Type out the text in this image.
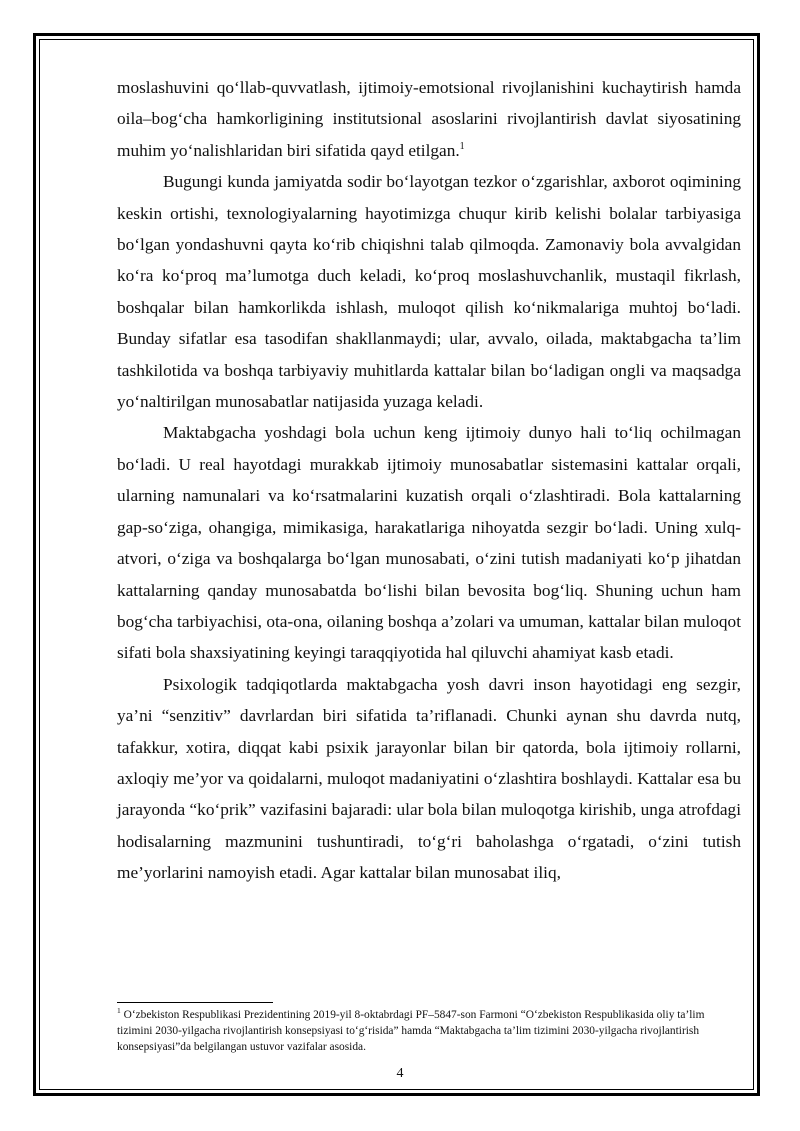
moslashuvini qo‘llab-quvvatlash, ijtimoiy-emotsional rivojlanishini kuchaytirish hamda oila–bog‘cha hamkorligining institutsional asoslarini rivojlantirish davlat siyosatining muhim yo‘nalishlaridan biri sifatida qayd etilgan.$^1$

Bugungi kunda jamiyatda sodir bo‘layotgan tezkor o‘zgarishlar, axborot oqimining keskin ortishi, texnologiyalarning hayotimizga chuqur kirib kelishi bolalar tarbiyasiga bo‘lgan yondashuvni qayta ko‘rib chiqishni talab qilmoqda. Zamonaviy bola avvalgidan ko‘ra ko‘proq ma’lumotga duch keladi, ko‘proq moslashuvchanlik, mustaqil fikrlash, boshqalar bilan hamkorlikda ishlash, muloqot qilish ko‘nikmalariga muhtoj bo‘ladi. Bunday sifatlar esa tasodifan shakllanmaydi; ular, avvalo, oilada, maktabgacha ta’lim tashkilotida va boshqa tarbiyaviy muhitlarda kattalar bilan bo‘ladigan ongli va maqsadga yo‘naltirilgan munosabatlar natijasida yuzaga keladi.

Maktabgacha yoshdagi bola uchun keng ijtimoiy dunyo hali to‘liq ochilmagan bo‘ladi. U real hayotdagi murakkab ijtimoiy munosabatlar sistemasini kattalar orqali, ularning namunalari va ko‘rsatmalarini kuzatish orqali o‘zlashtiradi. Bola kattalarning gap-so‘ziga, ohangiga, mimikasiga, harakatlariga nihoyatda sezgir bo‘ladi. Uning xulq-atvori, o‘ziga va boshqalarga bo‘lgan munosabati, o‘zini tutish madaniyati ko‘p jihatdan kattalarning qanday munosabatda bo‘lishi bilan bevosita bog‘liq. Shuning uchun ham bog‘cha tarbiyachisi, ota-ona, oilaning boshqa a’zolari va umuman, kattalar bilan muloqot sifati bola shaxsiyatining keyingi taraqqiyotida hal qiluvchi ahamiyat kasb etadi.

Psixologik tadqiqotlarda maktabgacha yosh davri inson hayotidagi eng sezgir, ya’ni “senzitiv” davrlardan biri sifatida ta’riflanadi. Chunki aynan shu davrda nutq, tafakkur, xotira, diqqat kabi psixik jarayonlar bilan bir qatorda, bola ijtimoiy rollarni, axloqiy me’yor va qoidalarni, muloqot madaniyatini o‘zlashtira boshlaydi. Kattalar esa bu jarayonda “ko‘prik” vazifasini bajaradi: ular bola bilan muloqotga kirishib, unga atrofdagi hodisalarning mazmunini tushuntiradi, to‘g‘ri baholashga o‘rgatadi, o‘zini tutish me’yorlarini namoyish etadi. Agar kattalar bilan munosabat iliq,

$^1$ O‘zbekiston Respublikasi Prezidentining 2019-yil 8-oktabrdagi PF–5847-son Farmoni “O‘zbekiston Respublikasida oliy ta’lim tizimini 2030-yilgacha rivojlantirish konsepsiyasi to‘g‘risida” hamda “Maktabgacha ta’lim tizimini 2030-yilgacha rivojlantirish konsepsiyasi”da belgilangan ustuvor vazifalar asosida.

4
